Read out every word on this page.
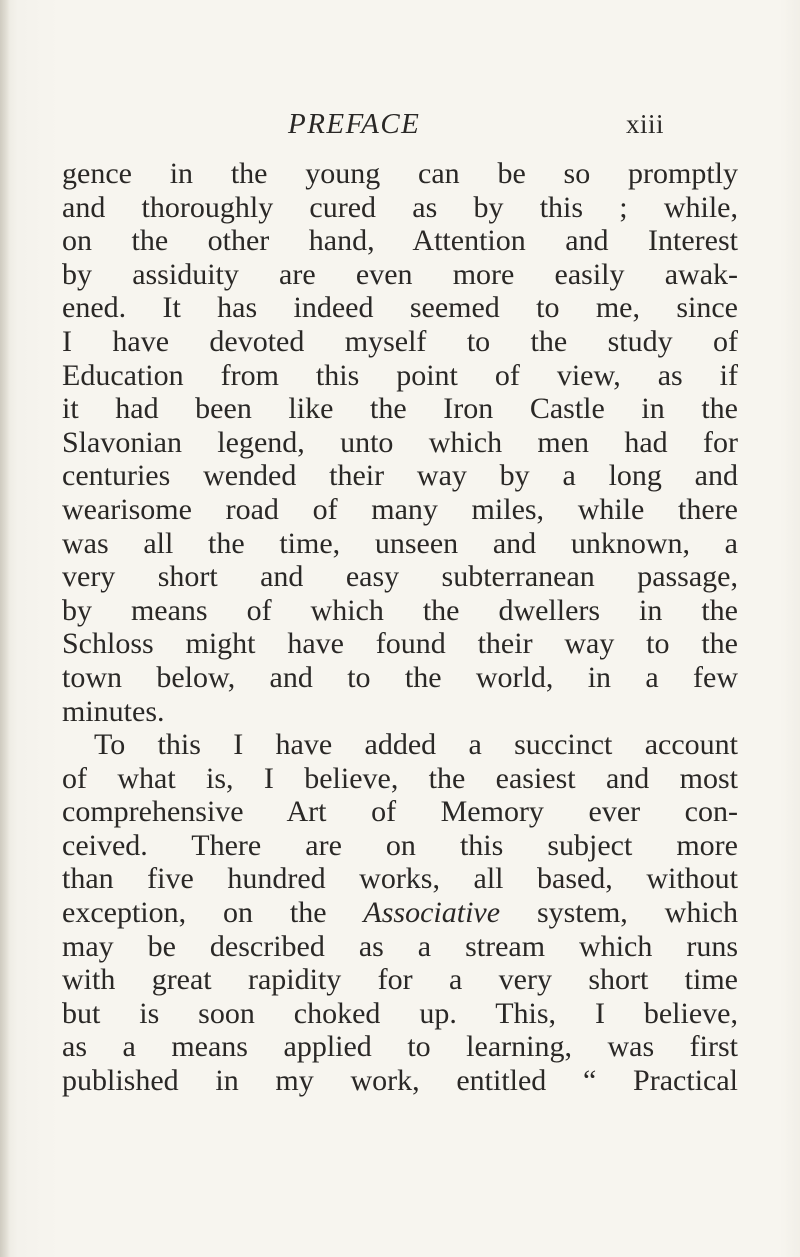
PREFACE	xiii
gence in the young can be so promptly
and thoroughly cured as by this ; while,
on the other hand, Attention and Interest
by assiduity are even more easily awak-
ened. It has indeed seemed to me, since
I have devoted myself to the study of
Education from this point of view, as if
it had been like the Iron Castle in the
Slavonian legend, unto which men had for
centuries wended their way by a long and
wearisome road of many miles, while there
was all the time, unseen and unknown, a
very short and easy subterranean passage,
by means of which the dwellers in the
Schloss might have found their way to the
town below, and to the world, in a few
minutes.
To this I have added a succinct account
of what is, I believe, the easiest and most
comprehensive Art of Memory ever con-
ceived. There are on this subject more
than five hundred works, all based, without
exception, on the Associative system, which
may be described as a stream which runs
with great rapidity for a very short time
but is soon choked up. This, I believe,
as a means applied to learning, was first
published in my work, entitled “ Practical
